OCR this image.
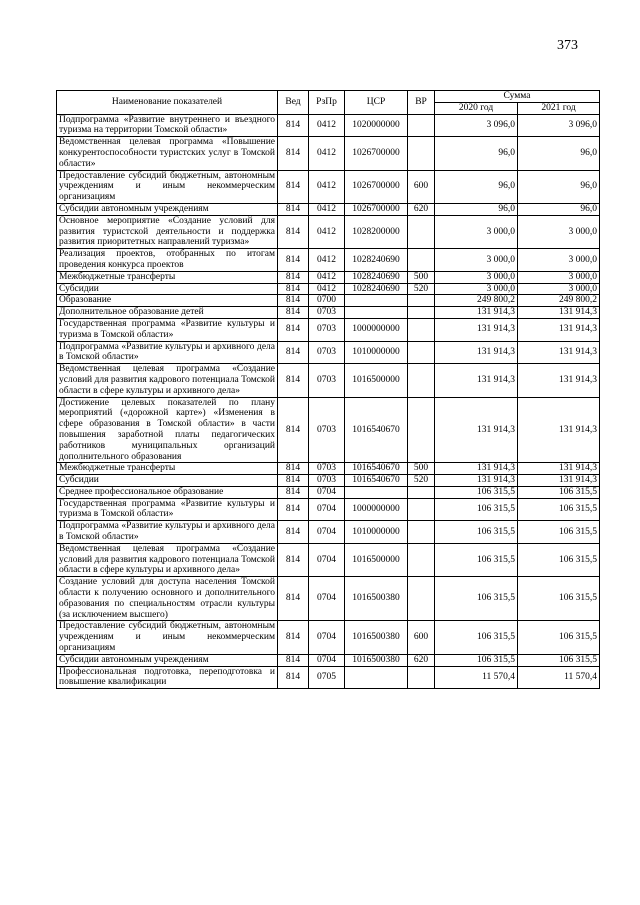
373
Наименование показателей	Вед	РзПр	ЦСР	ВР	Сумма	
					2020 год	2021 год
Подпрограмма «Развитие внутреннего и въездного туризма на территории Томской области»	814	0412	1020000000		3 096,0	3 096,0
Ведомственная целевая программа «Повышение конкурентоспособности туристских услуг в Томской области»	814	0412	1026700000		96,0	96,0
Предоставление субсидий бюджетным, автономным учреждениям и иным некоммерческим организациям	814	0412	1026700000	600	96,0	96,0
Субсидии автономным учреждениям	814	0412	1026700000	620	96,0	96,0
Основное мероприятие «Создание условий для развития туристской деятельности и поддержка развития приоритетных направлений туризма»	814	0412	1028200000		3 000,0	3 000,0
Реализация проектов, отобранных по итогам проведения конкурса проектов	814	0412	1028240690		3 000,0	3 000,0
Межбюджетные трансферты	814	0412	1028240690	500	3 000,0	3 000,0
Субсидии	814	0412	1028240690	520	3 000,0	3 000,0
Образование	814	0700			249 800,2	249 800,2
Дополнительное образование детей	814	0703			131 914,3	131 914,3
Государственная программа «Развитие культуры и туризма в Томской области»	814	0703	1000000000		131 914,3	131 914,3
Подпрограмма «Развитие культуры и архивного дела в Томской области»	814	0703	1010000000		131 914,3	131 914,3
Ведомственная целевая программа «Создание условий для развития кадрового потенциала Томской области в сфере культуры и архивного дела»	814	0703	1016500000		131 914,3	131 914,3
Достижение целевых показателей по плану мероприятий («дорожной карте») «Изменения в сфере образования в Томской области» в части повышения заработной платы педагогических работников муниципальных организаций дополнительного образования	814	0703	1016540670		131 914,3	131 914,3
Межбюджетные трансферты	814	0703	1016540670	500	131 914,3	131 914,3
Субсидии	814	0703	1016540670	520	131 914,3	131 914,3
Среднее профессиональное образование	814	0704			106 315,5	106 315,5
Государственная программа «Развитие культуры и туризма в Томской области»	814	0704	1000000000		106 315,5	106 315,5
Подпрограмма «Развитие культуры и архивного дела в Томской области»	814	0704	1010000000		106 315,5	106 315,5
Ведомственная целевая программа «Создание условий для развития кадрового потенциала Томской области в сфере культуры и архивного дела»	814	0704	1016500000		106 315,5	106 315,5
Создание условий для доступа населения Томской области к получению основного и дополнительного образования по специальностям отрасли культуры (за исключением высшего)	814	0704	1016500380		106 315,5	106 315,5
Предоставление субсидий бюджетным, автономным учреждениям и иным некоммерческим организациям	814	0704	1016500380	600	106 315,5	106 315,5
Субсидии автономным учреждениям	814	0704	1016500380	620	106 315,5	106 315,5
Профессиональная подготовка, переподготовка и повышение квалификации	814	0705			11 570,4	11 570,4
